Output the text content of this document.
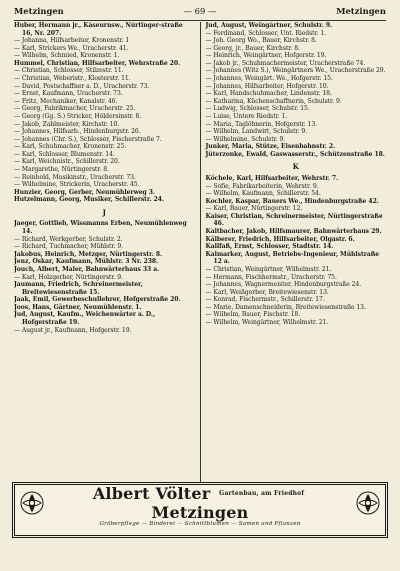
Metzingen	— 69 —	Metzingen
Huber, Hermann jr., Käseurnsw., Nürtinger-straße 16, Nr. 207.
— Johanna, Hilfsarbeiter, Kronenstr. 1
— Karl, Strickers We., Uracherstr. 41.
— Wilhelm, Schmied, Kronenstr. 1.
Hummel, Christian, Hilfsarbeiter, Wehrstraße 20.
— Christian, Schlosser, Stilzestr. 11.
— Christian, Weberistr., Klosterstr. 11.
— David, Postschaffner a. D., Uracherstr. 73.
— Ernst, Kaufmann, Uracherstr. 73.
— Fritz, Mechaniker, Kanalstr. 46.
— Georg, Fabrikmacher, Uracherstr. 25.
— Georg (Gg. S.) Stricker, Höldersinstr. 8.
— Jakob, Zahlmeister, Kirchstr. 10.
— Johannes, Hilfsarb., Hindenburgstr. 26.
— Johannes (Chr. S.), Schlosser, Fischerstraße 7.
— Karl, Schuhmacher, Kronenstr. 25.
— Karl, Schlosser, Blumenstr. 14.
— Karl, Weichnistr., Schillerstr. 20.
— Margarethe, Nürtingerstr. 8.
— Reinhold, Musikinstr., Uracherstr. 73.
— Wilhelmine, Strickerin, Uracherstr. 45.
Hunzier, Georg, Gerber, Neumühlerweg 3.
Hutzelmann, Georg, Musiker, Schillerstr. 24.
J
Jaeger, Gottlieb, Wissmanns Erben, Neumühlenweg 14.
— Richard, Werkgerber, Schulstr. 2.
— Richard, Tuchmacher, Mühlstr. 9.
Jakobus, Heinrich, Metzger, Nürtingerstr. 8.
Jenz, Oskar, Kaufmann, Mühlstr. 3 Nr. 238.
Jouch, Albert, Maler, Bahnwärterhaus 33 a.
— Karl, Holzgerber, Nürtingerstr. 9.
Jaumann, Friedrich, Schreinermeister, Breitewiesenstraße 15.
Jaak, Emil, Gewerbeschullehrer, Hofgerstraße 20.
Joos, Hans, Gärtner, Neumühlenstr. 1.
Jud, August, Kaufm., Weichenwärter a. D., Hofgerstraße 19.
— August jr., Kaufmann, Hofgerstr. 19.
Jud, August, Weingärtner, Schulstr. 9.
— Ferdinand, Schlosser, Unt. Riedstr. 1.
— Joh. Georg Wo., Bauer, Kirchstr. 8.
— Georg, jr., Bauer, Kirchstr. 8.
— Heinrich, Weingärtner, Hofgerstr. 19.
— Jakob jr., Schuhmachermeister, Uracherstraße 74.
— Johannes (Witz S.), Weingärtners We., Uracherstraße 29.
— Johannes, Weingärt. We., Hofgerstr. 15.
— Johannes, Hilfsarbeiter, Hofgerstr. 10.
— Karl, Handschuhmacher, Lindenstr. 18.
— Katharina, Küchenschaffnerin, Schulstr. 9.
— Ludwig, Schlosser, Schulstr. 15.
— Luise, Untere Riedstr. 1.
— Maria, Taglöhnerin, Hofgerstr. 13.
— Wilhelm, Landwirt, Schulstr. 9.
— Wilhelmine, Schulstr. 9.
Junker, Maria, Stütze, Eisenbahnstr. 2.
Jüterzonke, Ewald, Gaswasserstr., Schützenstraße 18.
K
Köchele, Karl, Hilfsarbeiter, Wehrstr. 7.
— Sofie, Fabrikarbeiterin, Wehrstr. 9.
— Wilhelm, Kaufmann, Schillerstr. 54.
Kochler, Kaspar, Bauers We., Hindenburgstraße 42.
— Karl, Bauer, Nürtingerstr. 12.
Kaiser, Christian, Schreinermeister, Nürtingerstraße 46.
Kaltbacher, Jakob, Hilfsmaurer, Bahnwärterhaus 29.
Kälberer, Friedrich, Hilfsarbeiter, Olgastr. 6.
Kallfaß, Ernst, Schlosser, Stadtstr. 14.
Kalmarker, August, Betriebs-Ingenieur, Mühlstraße 12 a.
— Christian, Weingärtner, Wilhelmstr. 21.
— Hermann, Fischhermstr., Uracherstr. 75.
— Johannes, Wagnermeister, Hindenburgstraße 24.
— Karl, Weißgerber, Breitewiesenstr. 13.
— Konrad, Fischermstr., Schillerstr. 17.
— Marie, Damenschneiderin, Breitewiesenstraße 13.
— Wilhelm, Bauer, Fischstr. 18.
— Wilhelm, Weingärtner, Wilhelmstr. 21.
Albert Völter Gartenbau, am Friedhof Metzingen
Gräberpflege — Binderei — Schnittblumen — Samen und Pflanzen
